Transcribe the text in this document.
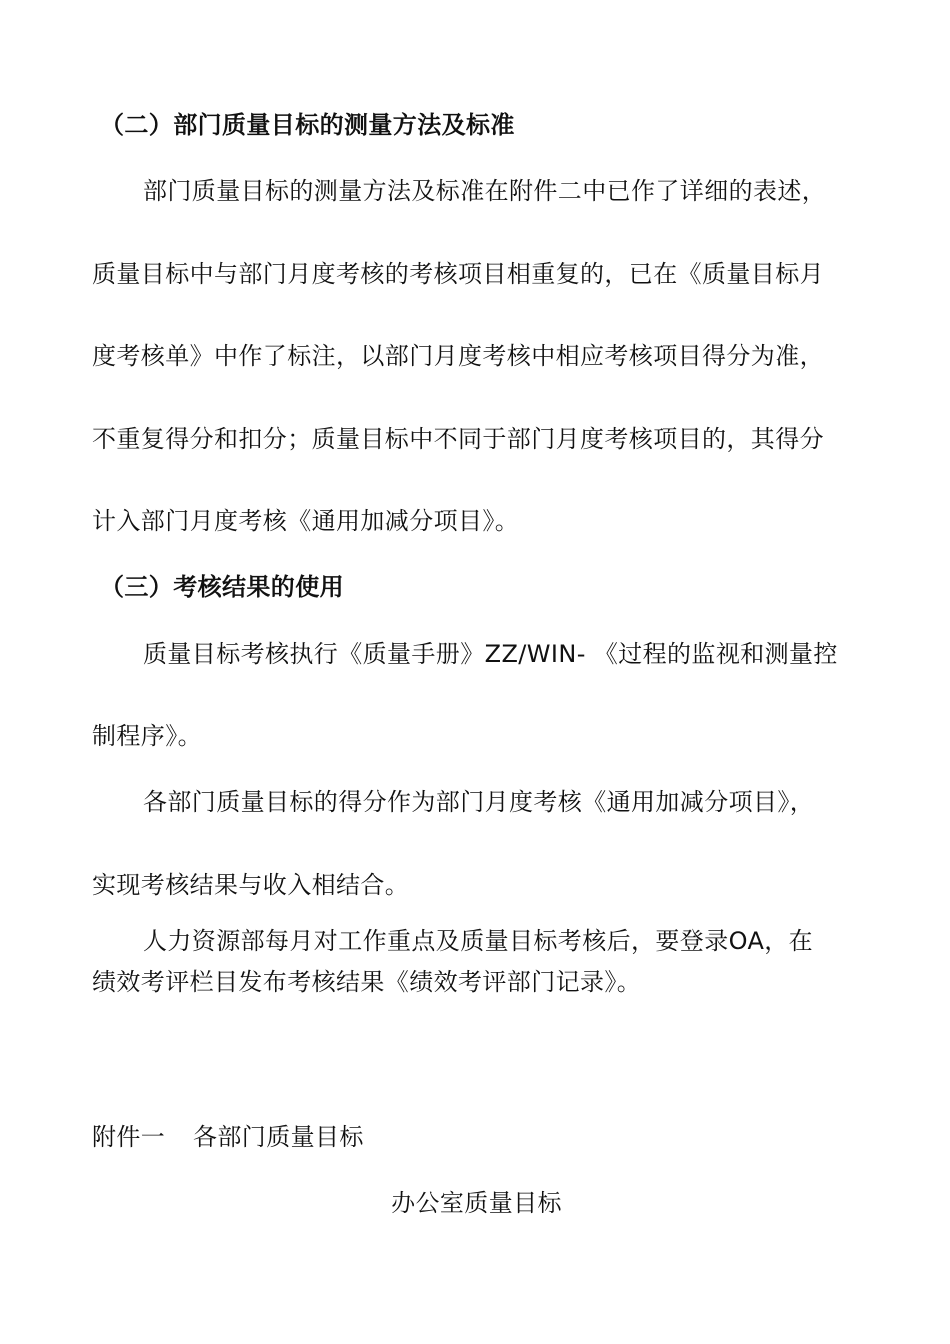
（二）部门质量目标的测量方法及标准
部门质量目标的测量方法及标准在附件二中已作了详细的表述，
质量目标中与部门月度考核的考核项目相重复的，已在《质量目标月
度考核单》中作了标注，以部门月度考核中相应考核项目得分为准，
不重复得分和扣分；质量目标中不同于部门月度考核项目的，其得分
计入部门月度考核《通用加减分项目》。
（三）考核结果的使用
质量目标考核执行《质量手册》ZZ/WIN- 《过程的监视和测量控
制程序》。
各部门质量目标的得分作为部门月度考核《通用加减分项目》，
实现考核结果与收入相结合。
人力资源部每月对工作重点及质量目标考核后，要登录OA，在
绩效考评栏目发布考核结果《绩效考评部门记录》。
附件一 各部门质量目标
办公室质量目标
